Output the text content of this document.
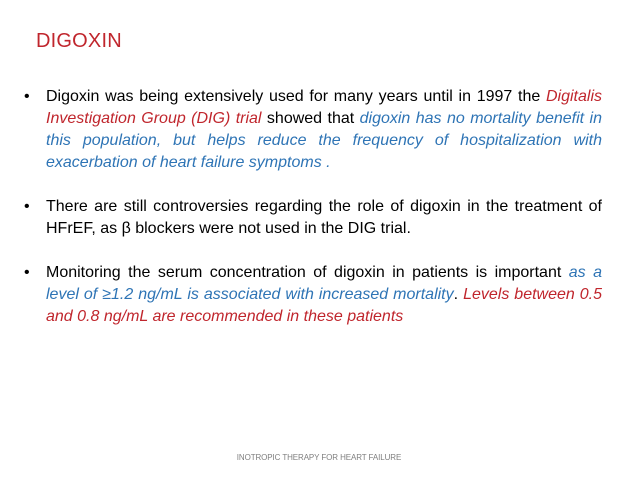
DIGOXIN
•	Digoxin was being extensively used for many years until in 1997 the Digitalis Investigation Group (DIG) trial showed that digoxin has no mortality benefit in this population, but helps reduce the frequency of hospitalization with exacerbation of heart failure symptoms .
•	There are still controversies regarding the role of digoxin in the treatment of HFrEF, as β blockers were not used in the DIG trial.
•	Monitoring the serum concentration of digoxin in patients is important as a level of ≥1.2 ng/mL is associated with increased mortality. Levels between 0.5 and 0.8 ng/mL are recommended in these patients
INOTROPIC THERAPY FOR HEART FAILURE
